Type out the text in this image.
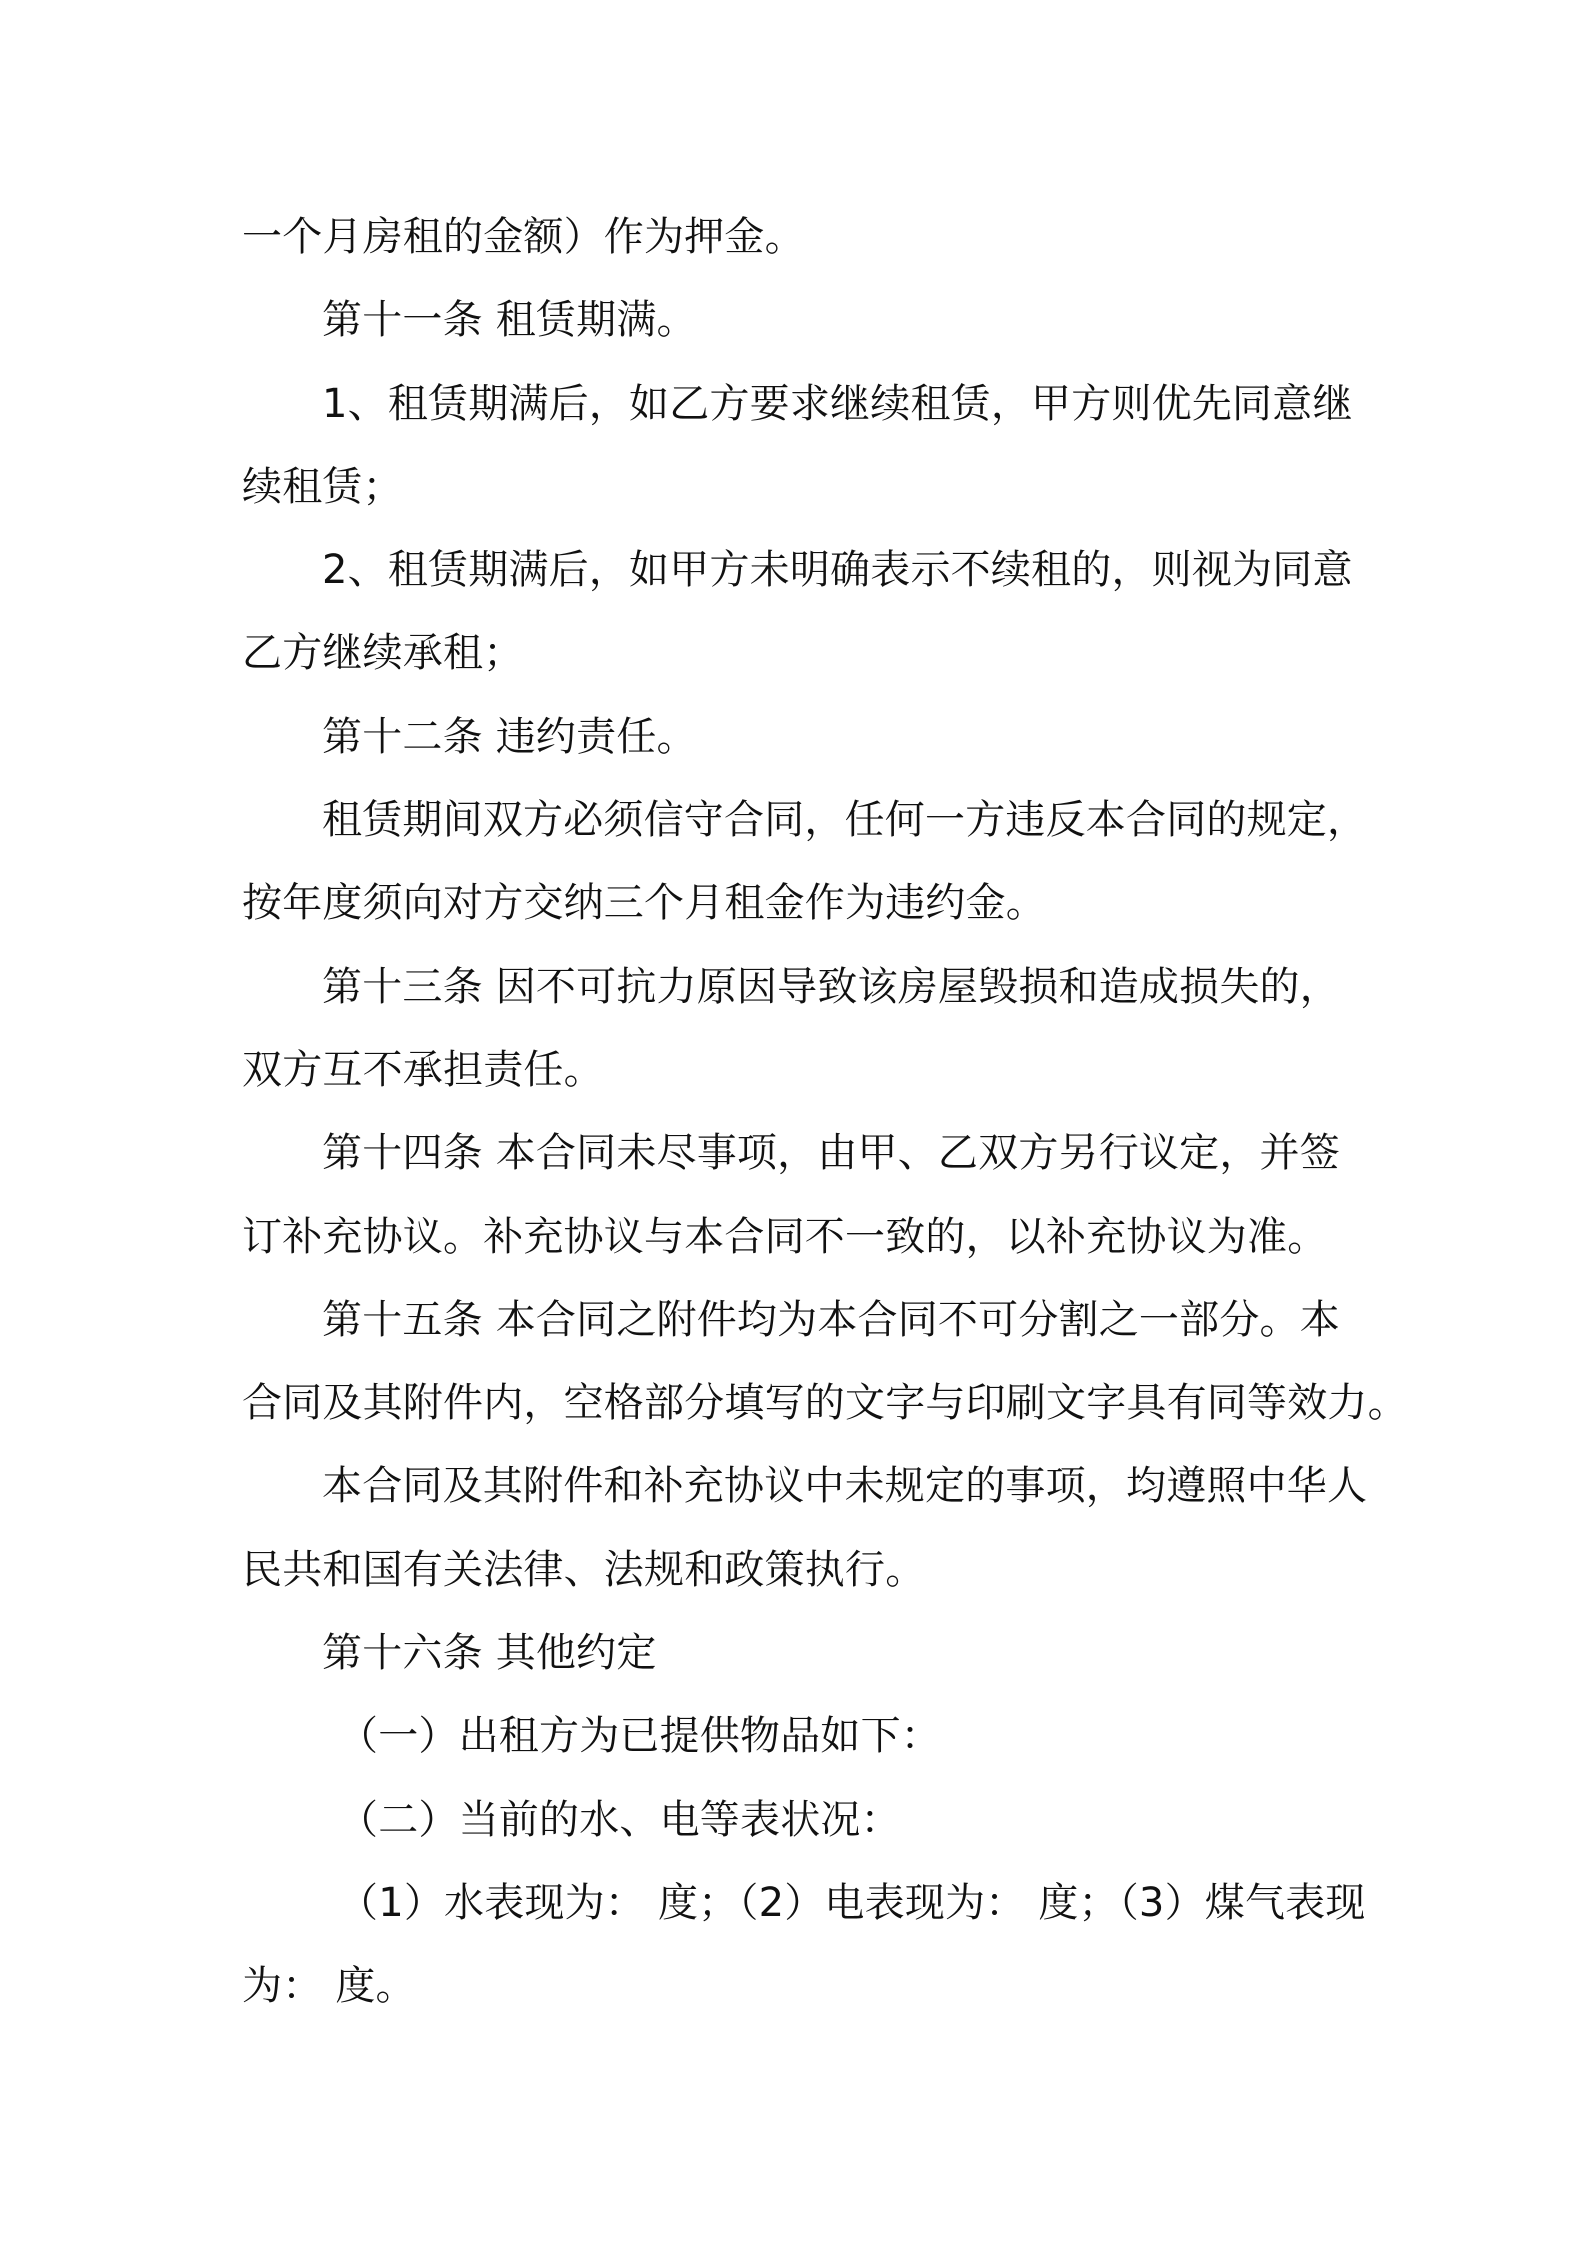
一个月房租的金额）作为押金。
第十一条 租赁期满。
1、租赁期满后，如乙方要求继续租赁，甲方则优先同意继
续租赁；
2、租赁期满后，如甲方未明确表示不续租的，则视为同意
乙方继续承租；
第十二条 违约责任。
租赁期间双方必须信守合同，任何一方违反本合同的规定，
按年度须向对方交纳三个月租金作为违约金。
第十三条 因不可抗力原因导致该房屋毁损和造成损失的，
双方互不承担责任。
第十四条 本合同未尽事项，由甲、乙双方另行议定，并签
订补充协议。补充协议与本合同不一致的，以补充协议为准。
第十五条 本合同之附件均为本合同不可分割之一部分。本
合同及其附件内，空格部分填写的文字与印刷文字具有同等效力。
本合同及其附件和补充协议中未规定的事项，均遵照中华人
民共和国有关法律、法规和政策执行。
第十六条 其他约定
（一）出租方为已提供物品如下：
（二）当前的水、电等表状况：
（1）水表现为： 度；（2）电表现为： 度；（3）煤气表现
为： 度。
